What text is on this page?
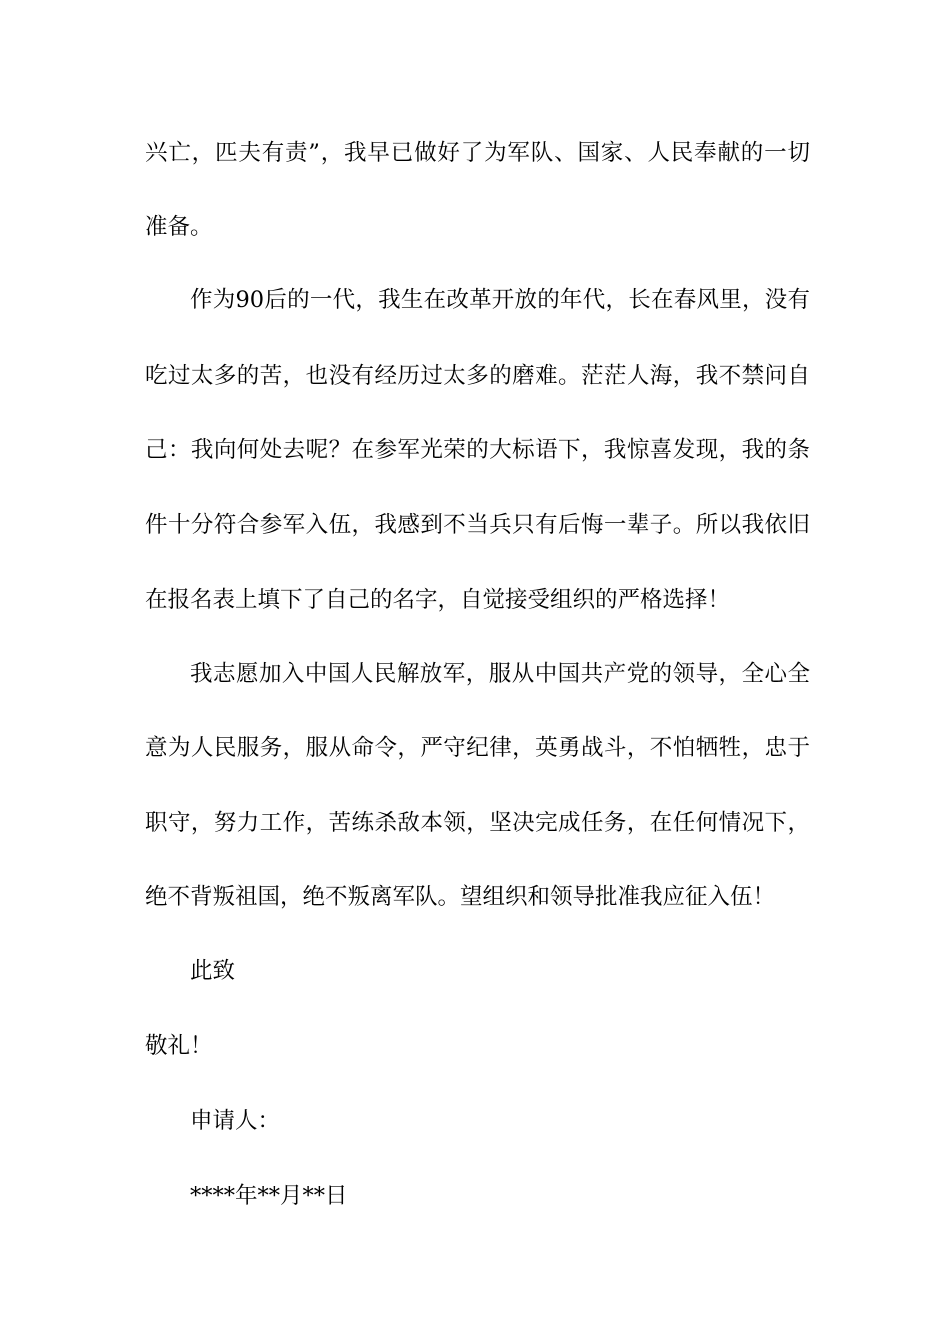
兴亡，匹夫有责”，我早已做好了为军队、国家、人民奉献的一切
准备。
作为90后的一代，我生在改革开放的年代，长在春风里，没有
吃过太多的苦，也没有经历过太多的磨难。茫茫人海，我不禁问自
己：我向何处去呢？在参军光荣的大标语下，我惊喜发现，我的条
件十分符合参军入伍，我感到不当兵只有后悔一辈子。所以我依旧
在报名表上填下了自己的名字，自觉接受组织的严格选择！
我志愿加入中国人民解放军，服从中国共产党的领导，全心全
意为人民服务，服从命令，严守纪律，英勇战斗，不怕牺牲，忠于
职守，努力工作，苦练杀敌本领，坚决完成任务，在任何情况下，
绝不背叛祖国，绝不叛离军队。望组织和领导批准我应征入伍！
此致
敬礼！
申请人：
****年**月**日
